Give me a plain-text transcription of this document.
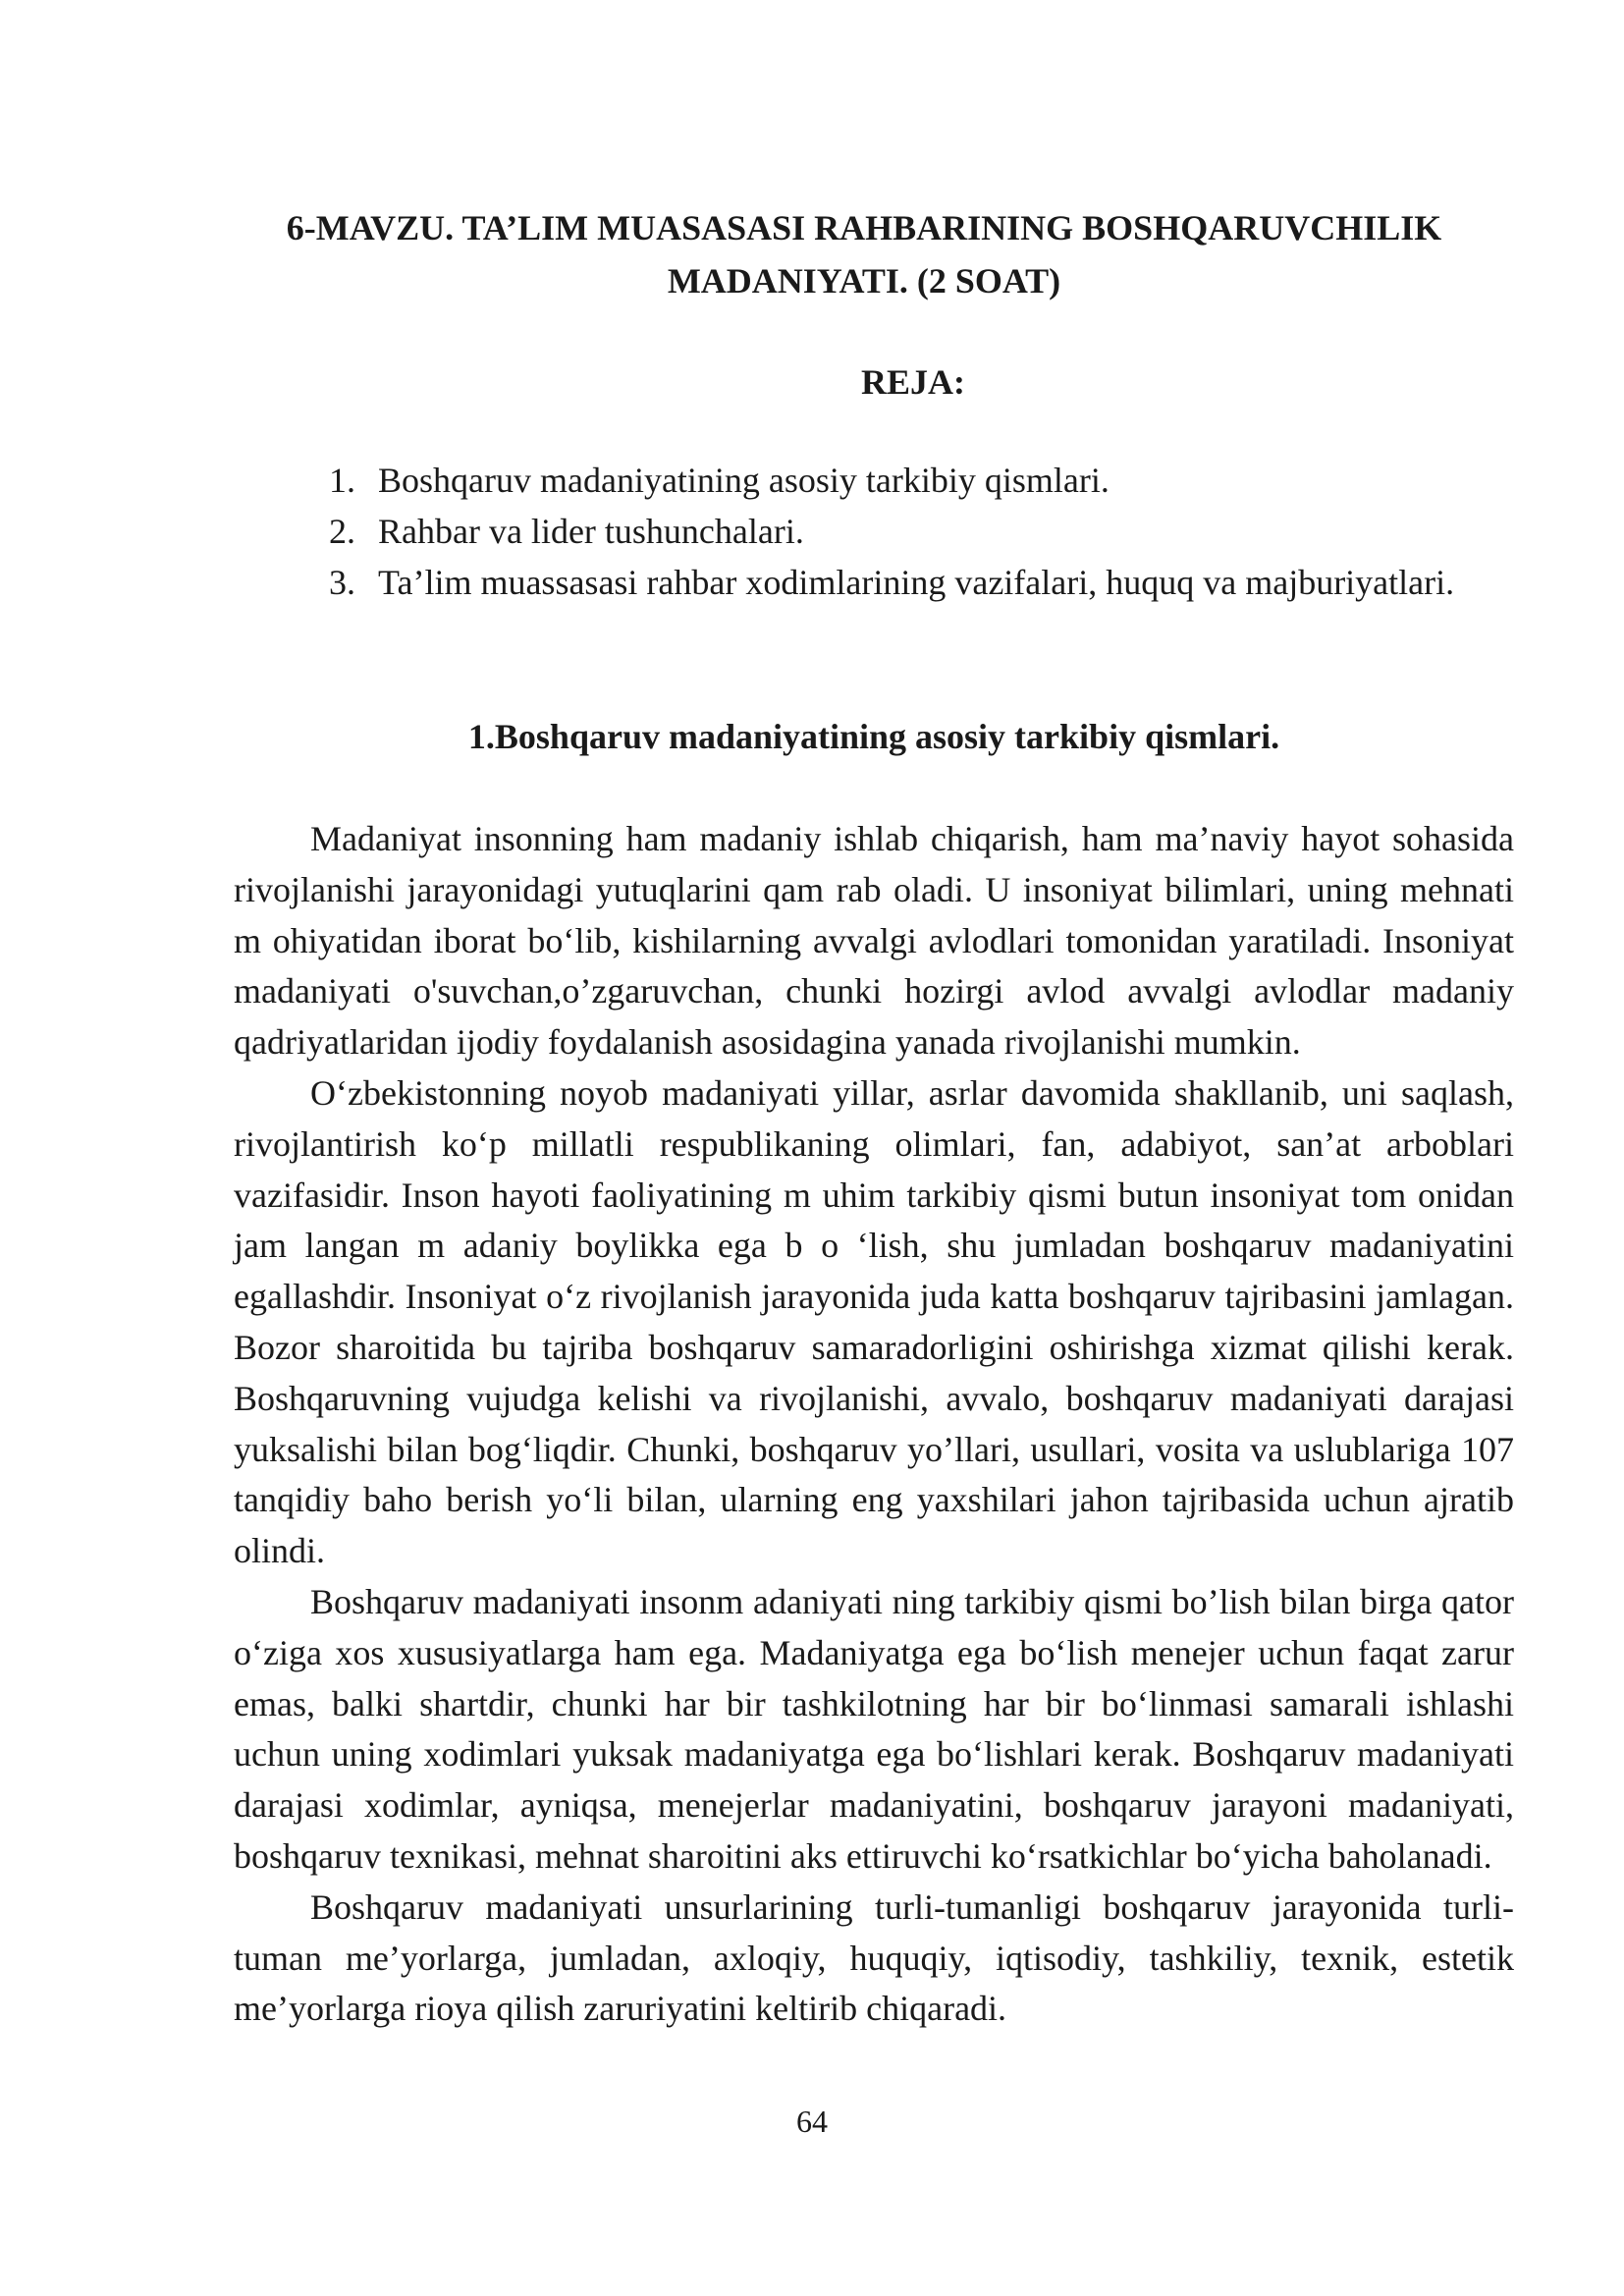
6-MAVZU. TA’LIM MUASASASI RAHBARINING BOSHQARUVCHILIK MADANIYATI. (2 SOAT)
REJA:
1. Boshqaruv madaniyatining asosiy tarkibiy qismlari.
2. Rahbar va lider tushunchalari.
3. Ta’lim muassasasi rahbar xodimlarining vazifalari, huquq va majburiyatlari.
1.Boshqaruv madaniyatining asosiy tarkibiy qismlari.

Madaniyat insonning ham madaniy ishlab chiqarish, ham ma’naviy hayot sohasida rivojlanishi jarayonidagi yutuqlarini qam rab oladi. U insoniyat bilimlari, uning mehnati m ohiyatidan iborat bo‘lib, kishilarning avvalgi avlodlari tomonidan yaratiladi. Insoniyat madaniyati o'suvchan,o’zgaruvchan, chunki hozirgi avlod avvalgi avlodlar madaniy qadriyatlaridan ijodiy foydalanish asosidagina yanada rivojlanishi mumkin.

O‘zbekistonning noyob madaniyati yillar, asrlar davomida shakllanib, uni saqlash, rivojlantirish ko‘p millatli respublikaning olimlari, fan, adabiyot, san’at arboblari vazifasidir. Inson hayoti faoliyatining m uhim tarkibiy qismi butun insoniyat tom onidan jam langan m adaniy boylikka ega b o ‘lish, shu jumladan boshqaruv madaniyatini egallashdir. Insoniyat o‘z rivojlanish jarayonida juda katta boshqaruv tajribasini jamlagan. Bozor sharoitida bu tajriba boshqaruv samaradorligini oshirishga xizmat qilishi kerak. Boshqaruvning vujudga kelishi va rivojlanishi, avvalo, boshqaruv madaniyati darajasi yuksalishi bilan bog‘liqdir. Chunki, boshqaruv yo’llari, usullari, vosita va uslublariga 107 tanqidiy baho berish yo‘li bilan, ularning eng yaxshilari jahon tajribasida uchun ajratib olindi.

Boshqaruv madaniyati insonm adaniyati ning tarkibiy qismi bo’lish bilan birga qator o‘ziga xos xususiyatlarga ham ega. Madaniyatga ega bo‘lish menejer uchun faqat zarur emas, balki shartdir, chunki har bir tashkilotning har bir bo‘linmasi samarali ishlashi uchun uning xodimlari yuksak madaniyatga ega bo‘lishlari kerak. Boshqaruv madaniyati darajasi xodimlar, ayniqsa, menejerlar madaniyatini, boshqaruv jarayoni madaniyati, boshqaruv texnikasi, mehnat sharoitini aks ettiruvchi ko‘rsatkichlar bo‘yicha baholanadi.

Boshqaruv madaniyati unsurlarining turli-tumanligi boshqaruv jarayonida turli-tuman me’yorlarga, jumladan, axloqiy, huquqiy, iqtisodiy, tashkiliy, texnik, estetik me’yorlarga rioya qilish zaruriyatini keltirib chiqaradi.

64
